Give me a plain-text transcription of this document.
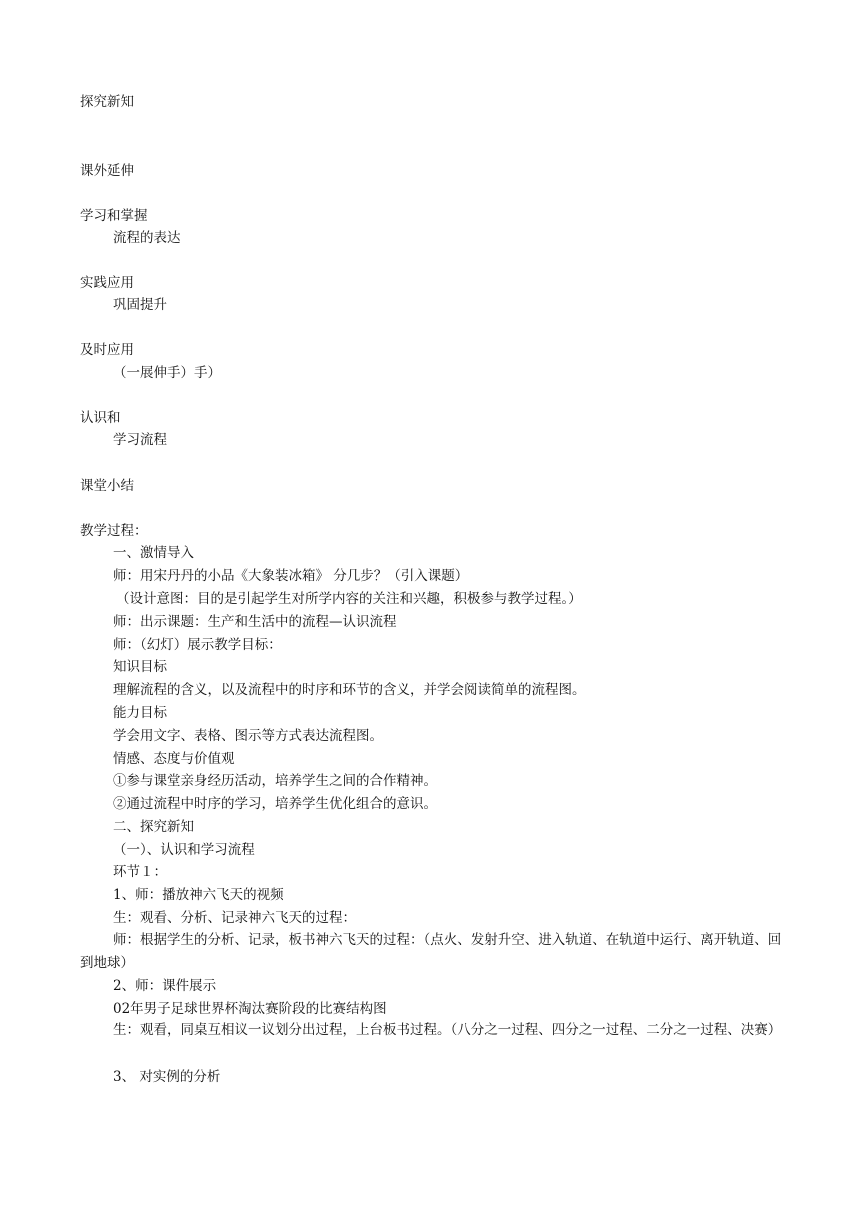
探究新知
课外延伸
学习和掌握
流程的表达
实践应用
巩固提升
及时应用
（一展伸手）手）
认识和
学习流程
课堂小结
教学过程：
一、激情导入
师：用宋丹丹的小品《大象装冰箱》 分几步？（引入课题）
（设计意图：目的是引起学生对所学内容的关注和兴趣，积极参与教学过程。）
师：出示课题：生产和生活中的流程—认识流程
师：（幻灯）展示教学目标：
知识目标
理解流程的含义，以及流程中的时序和环节的含义，并学会阅读简单的流程图。
能力目标
学会用文字、表格、图示等方式表达流程图。
情感、态度与价值观
①参与课堂亲身经历活动，培养学生之间的合作精神。
②通过流程中时序的学习，培养学生优化组合的意识。
二、探究新知
（一）、认识和学习流程
环节１：
1、师：播放神六飞天的视频
生：观看、分析、记录神六飞天的过程：
师：根据学生的分析、记录，板书神六飞天的过程：（点火、发射升空、进入轨道、在轨道中运行、离开轨道、回到地球）
2、师：课件展示
02年男子足球世界杯淘汰赛阶段的比赛结构图
生：观看，同桌互相议一议划分出过程，上台板书过程。（八分之一过程、四分之一过程、二分之一过程、决赛）
3、 对实例的分析
